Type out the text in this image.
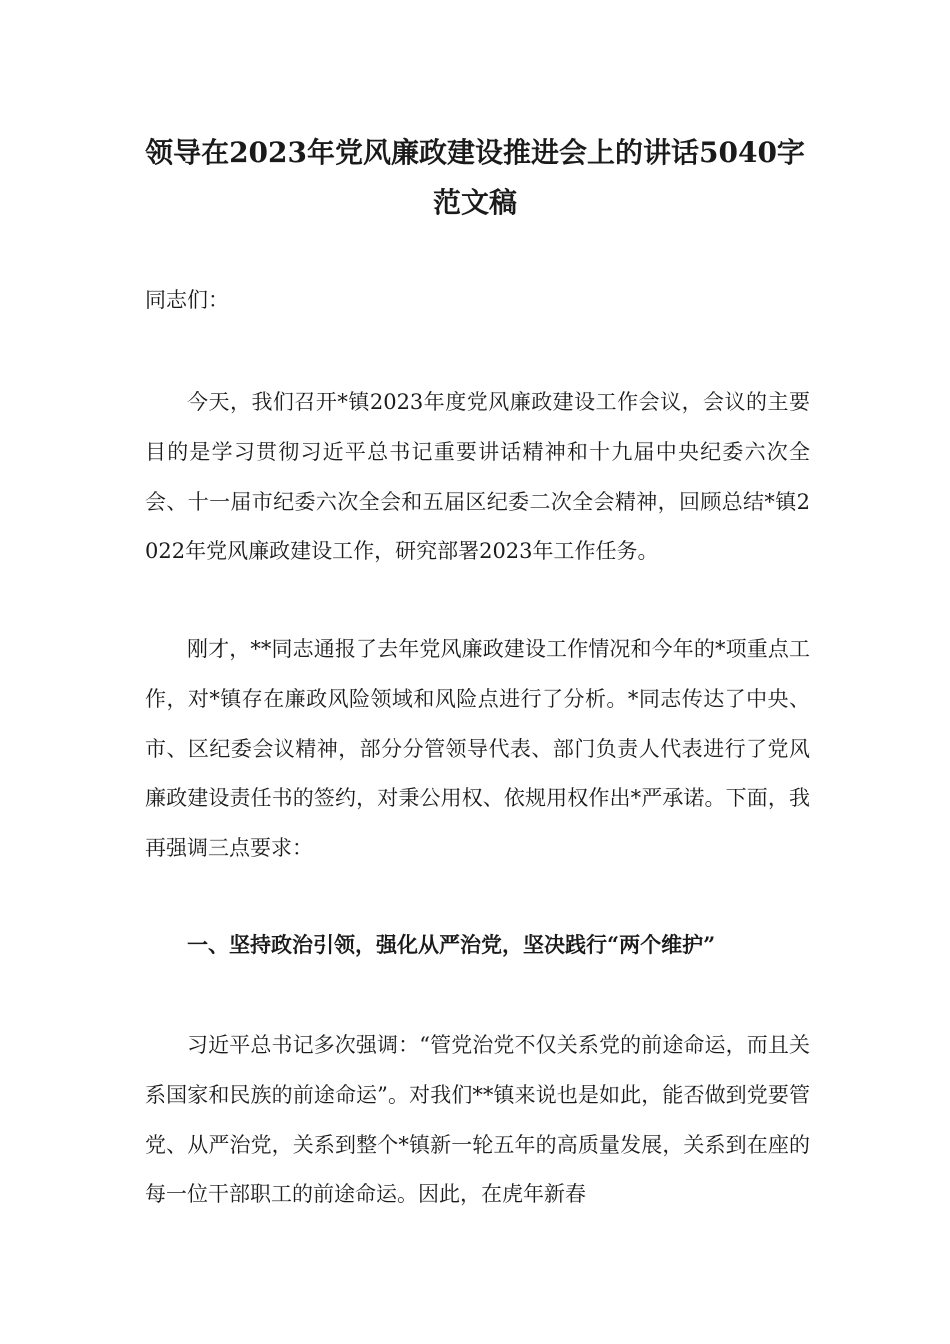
领导在2023年党风廉政建设推进会上的讲话5040字
范文稿

同志们：

今天，我们召开*镇2023年度党风廉政建设工作会议，会议的主要目的是学习贯彻习近平总书记重要讲话精神和十九届中央纪委六次全会、十一届市纪委六次全会和五届区纪委二次全会精神，回顾总结*镇2022年党风廉政建设工作，研究部署2023年工作任务。

刚才，**同志通报了去年党风廉政建设工作情况和今年的*项重点工作，对*镇存在廉政风险领域和风险点进行了分析。*同志传达了中央、市、区纪委会议精神，部分分管领导代表、部门负责人代表进行了党风廉政建设责任书的签约，对秉公用权、依规用权作出*严承诺。下面，我再强调三点要求：

一、坚持政治引领，强化从严治党，坚决践行“两个维护”

习近平总书记多次强调：“管党治党不仅关系党的前途命运，而且关系国家和民族的前途命运”。对我们**镇来说也是如此，能否做到党要管党、从严治党，关系到整个*镇新一轮五年的高质量发展，关系到在座的每一位干部职工的前途命运。因此，在虎年新春
